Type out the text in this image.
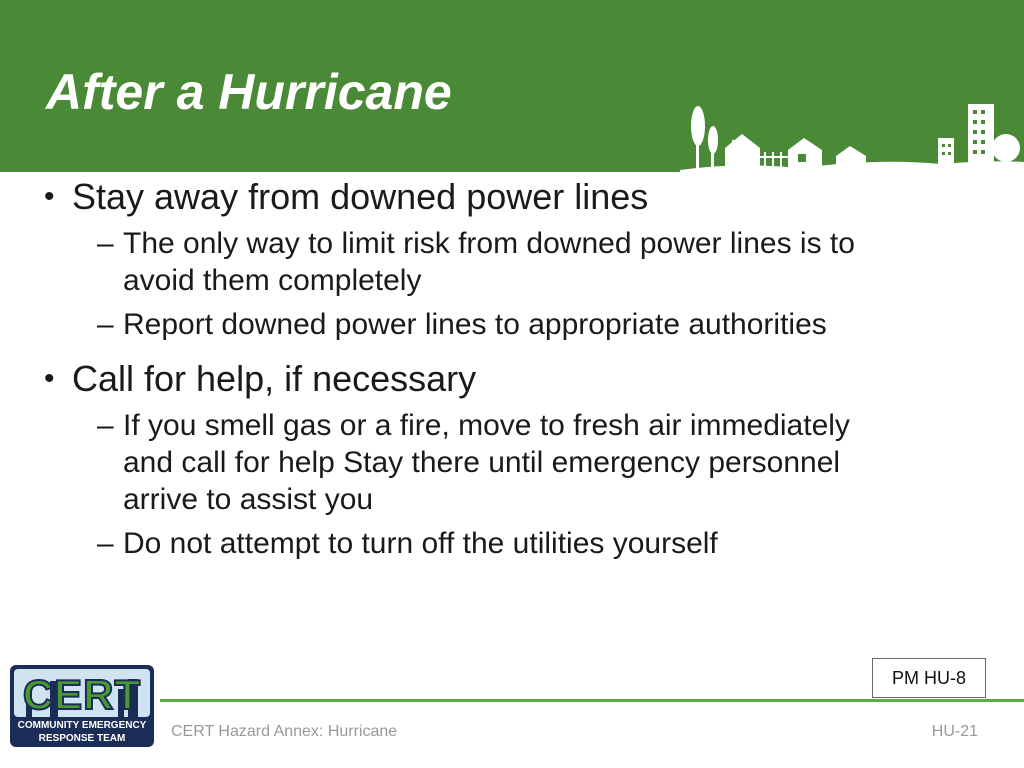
After a Hurricane
• Stay away from downed power lines
– The only way to limit risk from downed power lines is to
avoid them completely
– Report downed power lines to appropriate authorities
• Call for help, if necessary
– If you smell gas or a fire, move to fresh air immediately
and call for help Stay there until emergency personnel
arrive to assist you
– Do not attempt to turn off the utilities yourself
PM HU-8
CERT Hazard Annex: Hurricane	HU-21
CERT
COMMUNITY EMERGENCY
RESPONSE TEAM
